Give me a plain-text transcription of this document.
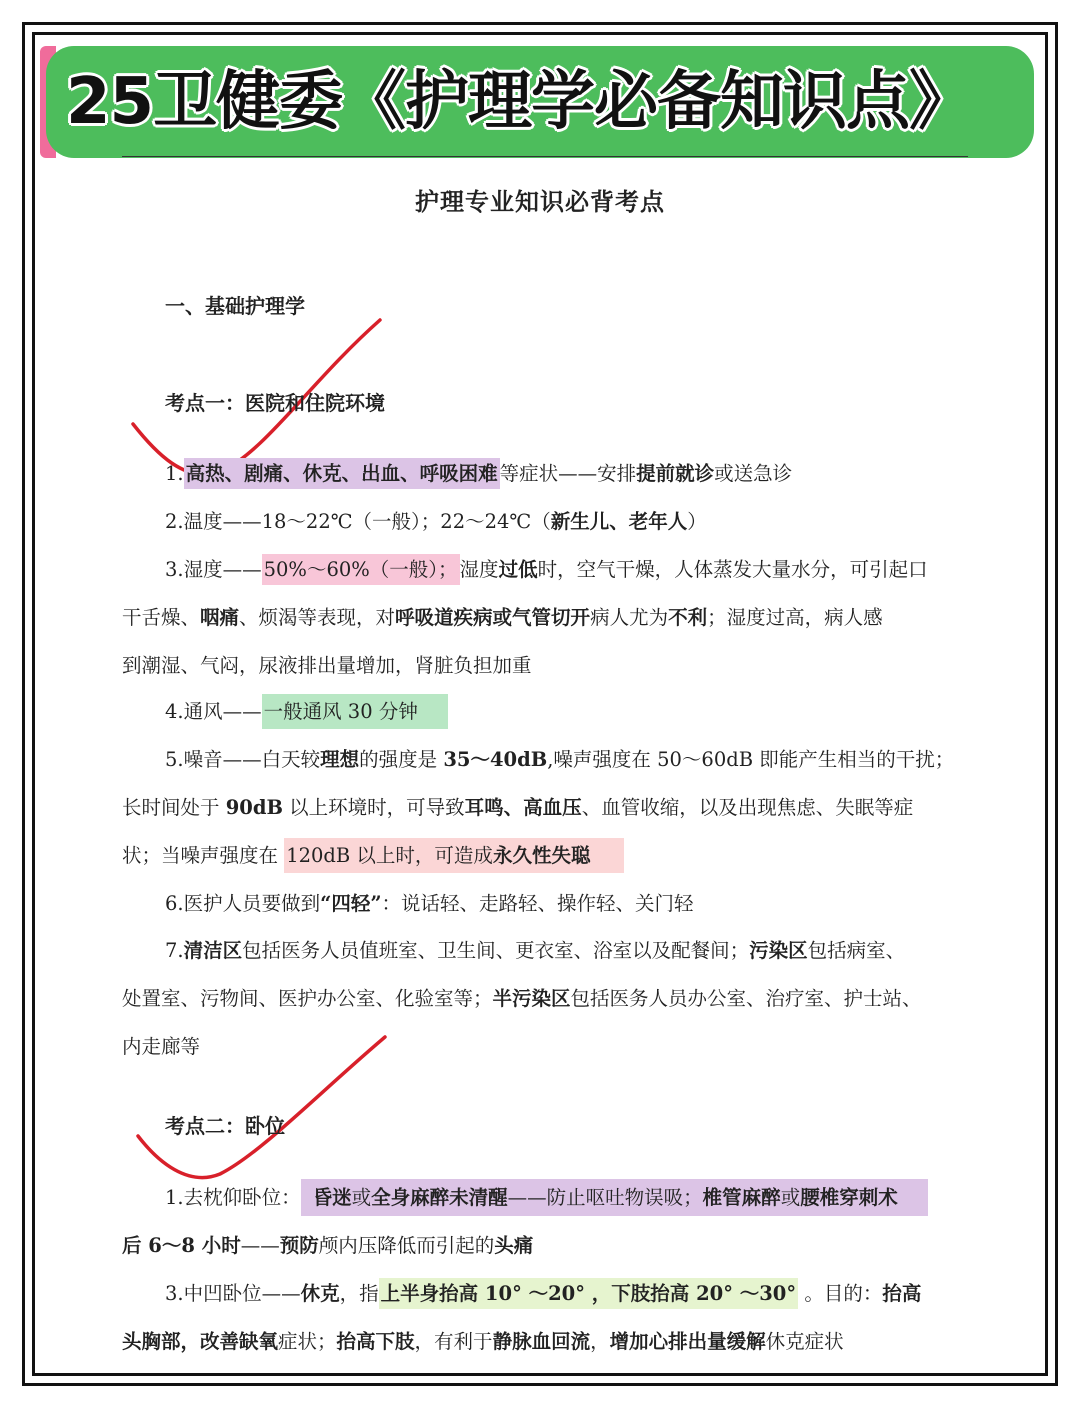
25卫健委《护理学必备知识点》
护理专业知识必背考点
一、基础护理学
考点一：医院和住院环境
1. 高热、剧痛、休克、出血、呼吸困难 等症状——安排提前就诊或送急诊
2.温度——18～22℃（一般）；22～24℃（新生儿、老年人）
3.湿度—— 50%～60%（一般）； 湿度过低时，空气干燥，人体蒸发大量水分，可引起口
干舌燥、咽痛、烦渴等表现，对呼吸道疾病或气管切开病人尤为不利；湿度过高，病人感
到潮湿、气闷，尿液排出量增加，肾脏负担加重
4.通风—— 一般通风 30 分钟
5.噪音——白天较理想的强度是 35～40dB,噪声强度在 50～60dB 即能产生相当的干扰；
长时间处于 90dB 以上环境时，可导致耳鸣、高血压、血管收缩，以及出现焦虑、失眠等症
状；当噪声强度在 120dB 以上时，可造成永久性失聪
6.医护人员要做到“四轻”：说话轻、走路轻、操作轻、关门轻
7.清洁区包括医务人员值班室、卫生间、更衣室、浴室以及配餐间；污染区包括病室、
处置室、污物间、医护办公室、化验室等；半污染区包括医务人员办公室、治疗室、护士站、
内走廊等
考点二：卧位
1.去枕仰卧位： 昏迷或全身麻醉未清醒——防止呕吐物误吸；椎管麻醉或腰椎穿刺术
后 6～8 小时——预防颅内压降低而引起的头痛
3.中凹卧位——休克，指 上半身抬高 10° ～20° ，下肢抬高 20° ～30° 。目的：抬高
头胸部，改善缺氧症状；抬高下肢，有利于静脉血回流，增加心排出量缓解休克症状
